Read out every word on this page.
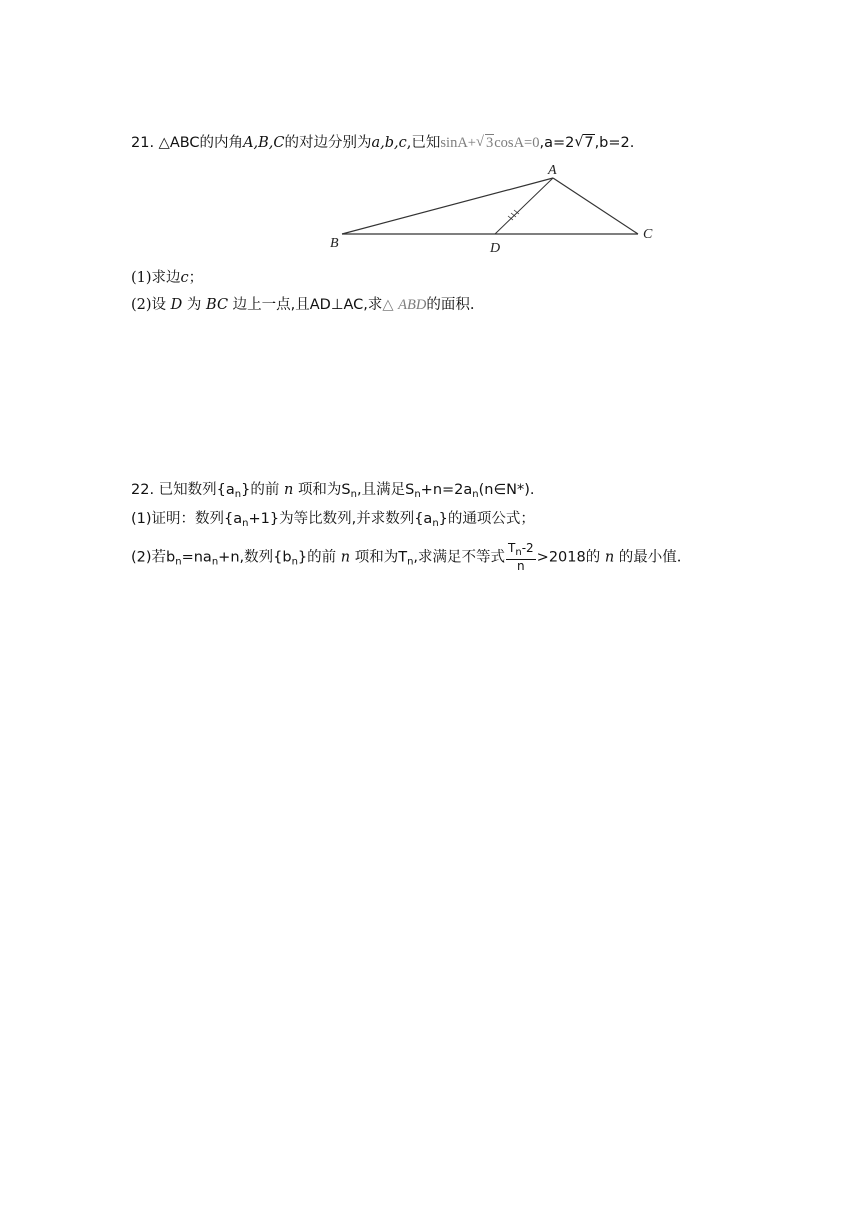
21. △ABC的内角A,B,C的对边分别为a,b,c,已知sinA+ √ 3cosA=0,a=2 √ 7,b=2.
A
B
C
D
(1)求边c；
(2)设 D 为 BC 边上一点,且AD⊥AC,求△ ABD的面积.
22. 已知数列$\{a_n\}$的前 n 项和为$S_n$,且满足$S_n+n=2a_n(n\in N*)$.
(1)证明：数列$\{a_n+1\}$为等比数列,并求数列$\{a_n\}$的通项公式；
(2)若$b_n=na_n+n$,数列$\{b_n\}$的前 n 项和为$T_n$,求满足不等式 $\frac{T_n-2}{n} >2018$的 n 的最小值.
